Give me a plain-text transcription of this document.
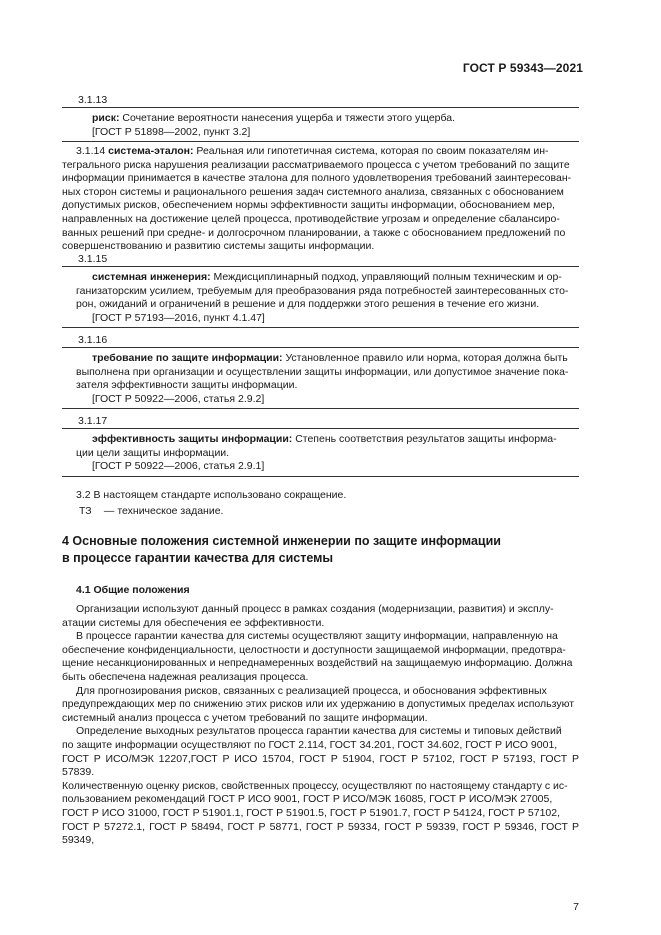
ГОСТ Р 59343—2021
3.1.13

риск: Сочетание вероятности нанесения ущерба и тяжести этого ущерба.

[ГОСТ Р 51898—2002, пункт 3.2]

3.1.14 система-эталон: Реальная или гипотетичная система, которая по своим показателям ин-

тегрального риска нарушения реализации рассматриваемого процесса с учетом требований по защите

информации принимается в качестве эталона для полного удовлетворения требований заинтересован-

ных сторон системы и рационального решения задач системного анализа, связанных с обоснованием

допустимых рисков, обеспечением нормы эффективности защиты информации, обоснованием мер,

направленных на достижение целей процесса, противодействие угрозам и определение сбалансиро-

ванных решений при средне- и долгосрочном планировании, а также с обоснованием предложений по

совершенствованию и развитию системы защиты информации.

3.1.15

системная инженерия: Междисциплинарный подход, управляющий полным техническим и ор-

ганизаторским усилием, требуемым для преобразования ряда потребностей заинтересованных сто-

рон, ожиданий и ограничений в решение и для поддержки этого решения в течение его жизни.

[ГОСТ Р 57193—2016, пункт 4.1.47]

3.1.16

требование по защите информации: Установленное правило или норма, которая должна быть

выполнена при организации и осуществлении защиты информации, или допустимое значение пока-

зателя эффективности защиты информации.

[ГОСТ Р 50922—2006, статья 2.9.2]

3.1.17

эффективность защиты информации: Степень соответствия результатов защиты информа-

ции цели защиты информации.

[ГОСТ Р 50922—2006, статья 2.9.1]

3.2 В настоящем стандарте использовано сокращение.
ТЗ — техническое задание.
4 Основные положения системной инженерии по защите информации
в процессе гарантии качества для системы
4.1 Общие положения

Организации используют данный процесс в рамках создания (модернизации, развития) и эксплу-

атации системы для обеспечения ее эффективности.

В процессе гарантии качества для системы осуществляют защиту информации, направленную на

обеспечение конфиденциальности, целостности и доступности защищаемой информации, предотвра-

щение несанкционированных и непреднамеренных воздействий на защищаемую информацию. Должна

быть обеспечена надежная реализация процесса.

Для прогнозирования рисков, связанных с реализацией процесса, и обоснования эффективных

предупреждающих мер по снижению этих рисков или их удержанию в допустимых пределах используют

системный анализ процесса с учетом требований по защите информации.

Определение выходных результатов процесса гарантии качества для системы и типовых действий

по защите информации осуществляют по ГОСТ 2.114, ГОСТ 34.201, ГОСТ 34.602, ГОСТ Р ИСО 9001,

ГОСТ Р ИСО/МЭК 12207,ГОСТ Р ИСО 15704, ГОСТ Р 51904, ГОСТ Р 57102, ГОСТ Р 57193, ГОСТ Р 57839.

Количественную оценку рисков, свойственных процессу, осуществляют по настоящему стандарту с ис-

пользованием рекомендаций ГОСТ Р ИСО 9001, ГОСТ Р ИСО/МЭК 16085, ГОСТ Р ИСО/МЭК 27005,

ГОСТ Р ИСО 31000, ГОСТ Р 51901.1, ГОСТ Р 51901.5, ГОСТ Р 51901.7, ГОСТ Р 54124, ГОСТ Р 57102,

ГОСТ Р 57272.1, ГОСТ Р 58494, ГОСТ Р 58771, ГОСТ Р 59334, ГОСТ Р 59339, ГОСТ Р 59346, ГОСТ Р 59349,

7
